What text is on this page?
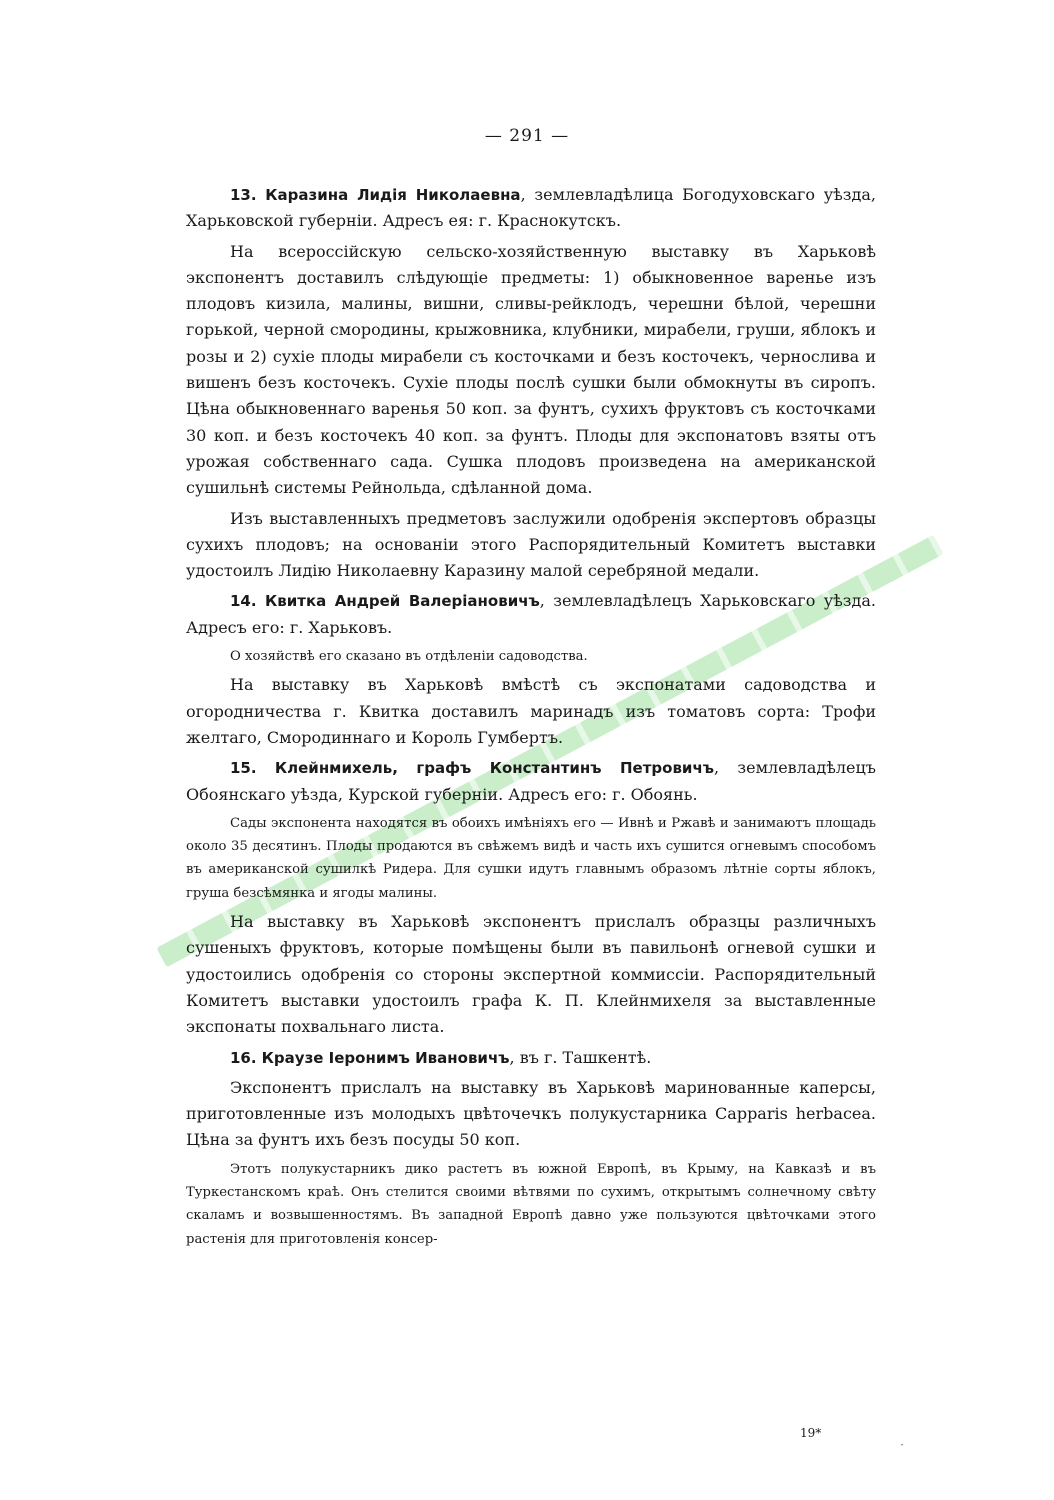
— 291 —

13. Каразина Лидія Николаевна, землевладѣлица Богодуховскаго уѣзда, Харьковской губерніи. Адресъ ея: г. Краснокутскъ.

На всероссійскую сельско-хозяйственную выставку въ Харьковѣ экспонентъ доставилъ слѣдующіе предметы: 1) обыкновенное варенье изъ плодовъ кизила, малины, вишни, сливы-рейклодъ, черешни бѣлой, черешни горькой, черной смородины, крыжовника, клубники, мирабели, груши, яблокъ и розы и 2) сухіе плоды мирабели съ косточками и безъ косточекъ, чернослива и вишенъ безъ косточекъ. Сухіе плоды послѣ сушки были обмокнуты въ сиропъ. Цѣна обыкновеннаго варенья 50 коп. за фунтъ, сухихъ фруктовъ съ косточками 30 коп. и безъ косточекъ 40 коп. за фунтъ. Плоды для экспонатовъ взяты отъ урожая собственнаго сада. Сушка плодовъ произведена на американской сушильнѣ системы Рейнольда, сдѣланной дома.

Изъ выставленныхъ предметовъ заслужили одобренія экспертовъ образцы сухихъ плодовъ; на основаніи этого Распорядительный Комитетъ выставки удостоилъ Лидію Николаевну Каразину малой серебряной медали.

14. Квитка Андрей Валеріановичъ, землевладѣлецъ Харьковскаго уѣзда. Адресъ его: г. Харьковъ.

О хозяйствѣ его сказано въ отдѣленіи садоводства.

На выставку въ Харьковѣ вмѣстѣ съ экспонатами садоводства и огородничества г. Квитка доставилъ маринадъ изъ томатовъ сорта: Трофи желтаго, Смородиннаго и Король Гумбертъ.

15. Клейнмихель, графъ Константинъ Петровичъ, землевладѣлецъ Обоянскаго уѣзда, Курской губерніи. Адресъ его: г. Обоянь.

Сады экспонента находятся въ обоихъ имѣніяхъ его — Ивнѣ и Ржавѣ и занимаютъ площадь около 35 десятинъ. Плоды продаются въ свѣжемъ видѣ и часть ихъ сушится огневымъ способомъ въ американской сушилкѣ Ридера. Для сушки идутъ главнымъ образомъ лѣтніе сорты яблокъ, груша безсѣмянка и ягоды малины.

На выставку въ Харьковѣ экспонентъ прислалъ образцы различныхъ сушеныхъ фруктовъ, которые помѣщены были въ павильонѣ огневой сушки и удостоились одобренія со стороны экспертной коммиссіи. Распорядительный Комитетъ выставки удостоилъ графа К. П. Клейнмихеля за выставленные экспонаты похвальнаго листа.

16. Краузе Іеронимъ Ивановичъ, въ г. Ташкентѣ.

Экспонентъ прислалъ на выставку въ Харьковѣ маринованные каперсы, приготовленные изъ молодыхъ цвѣточечкъ полукустарника Capparis herbacea. Цѣна за фунтъ ихъ безъ посуды 50 коп.

Этотъ полукустарникъ дико растетъ въ южной Европѣ, въ Крыму, на Кавказѣ и въ Туркестанскомъ краѣ. Онъ стелится своими вѣтвями по сухимъ, открытымъ солнечному свѣту скаламъ и возвышенностямъ. Въ западной Европѣ давно уже пользуются цвѣточками этого растенія для приготовленія консер-

19*
·
